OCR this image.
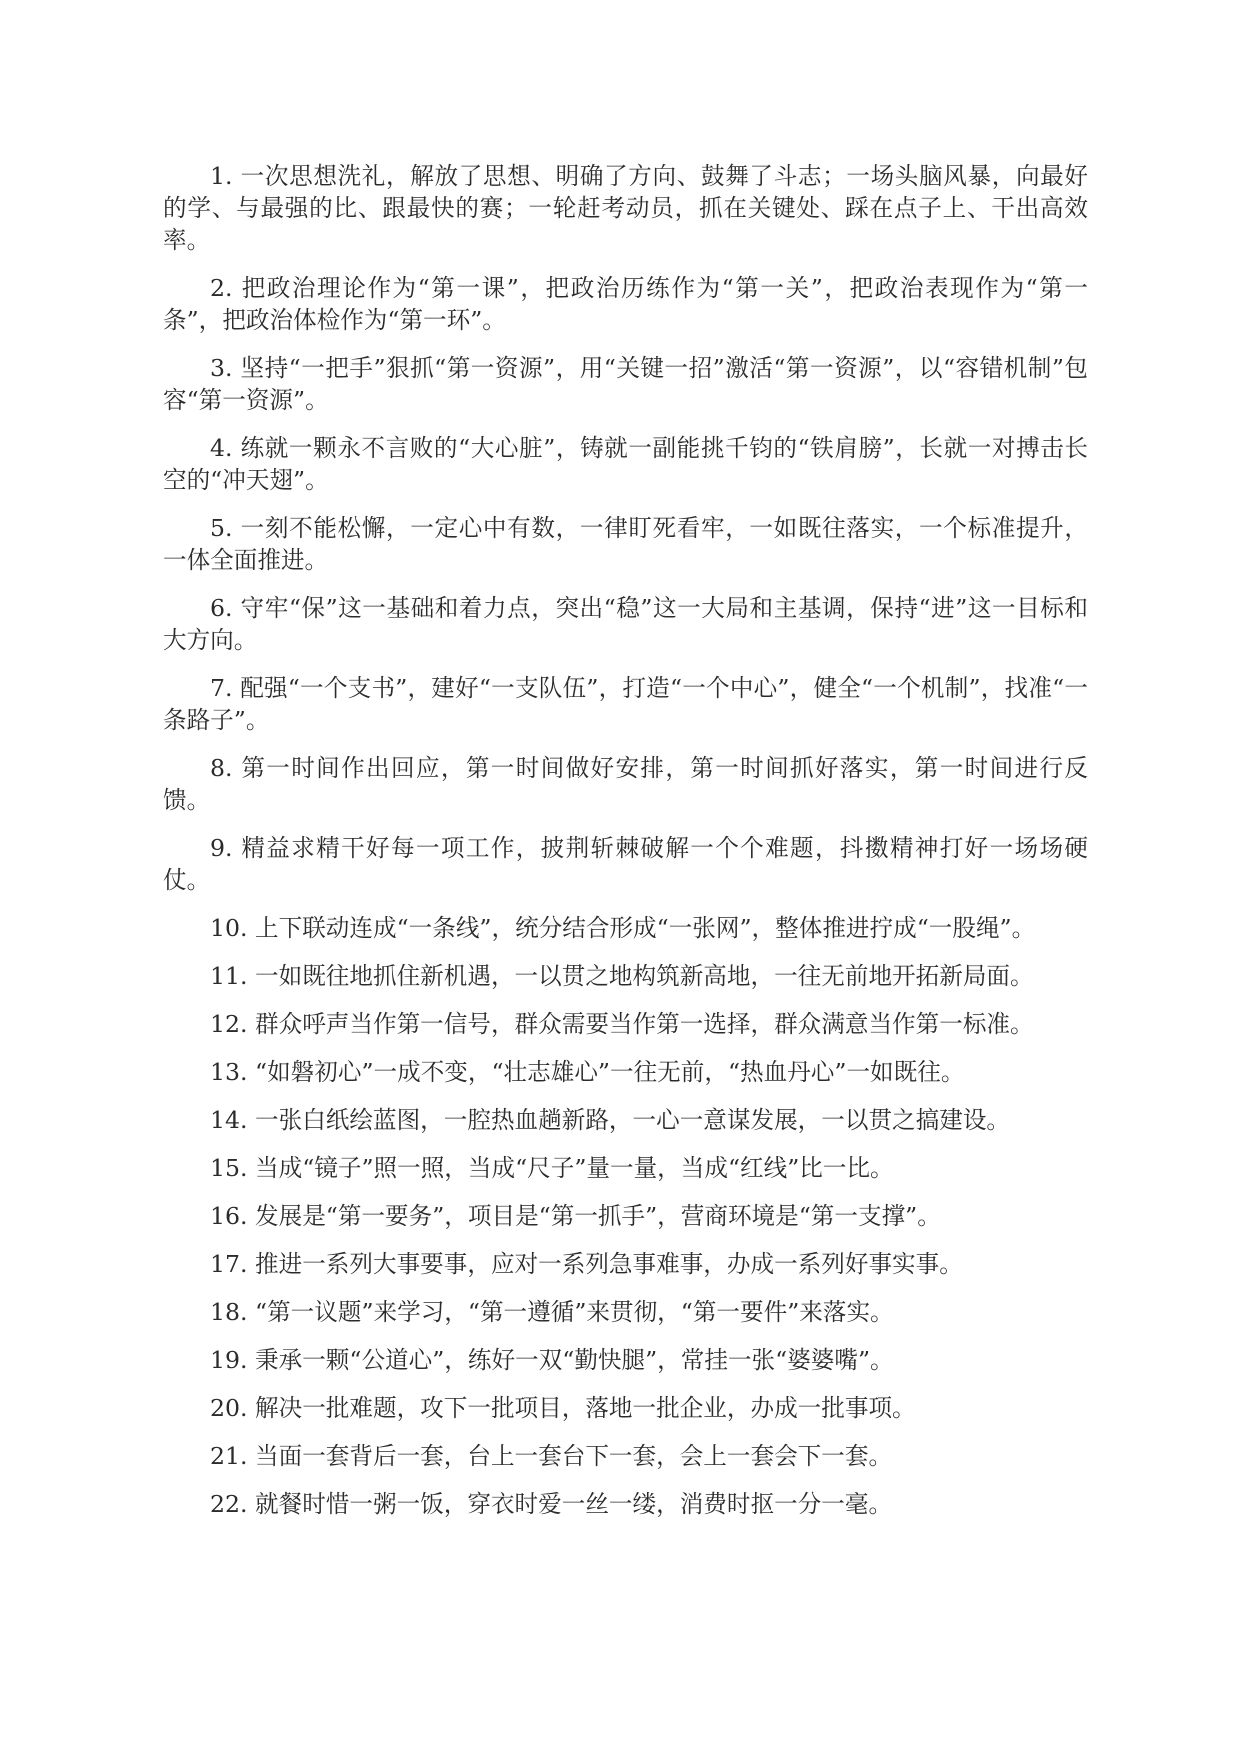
1. 一次思想洗礼，解放了思想、明确了方向、鼓舞了斗志；一场头脑风暴，向最好的学、与最强的比、跟最快的赛；一轮赶考动员，抓在关键处、踩在点子上、干出高效率。

2. 把政治理论作为“第一课”，把政治历练作为“第一关”，把政治表现作为“第一条”，把政治体检作为“第一环”。

3. 坚持“一把手”狠抓“第一资源”，用“关键一招”激活“第一资源”，以“容错机制”包容“第一资源”。

4. 练就一颗永不言败的“大心脏”，铸就一副能挑千钧的“铁肩膀”，长就一对搏击长空的“冲天翅”。

5. 一刻不能松懈，一定心中有数，一律盯死看牢，一如既往落实，一个标准提升，一体全面推进。

6. 守牢“保”这一基础和着力点，突出“稳”这一大局和主基调，保持“进”这一目标和大方向。

7. 配强“一个支书”，建好“一支队伍”，打造“一个中心”，健全“一个机制”，找准“一条路子”。

8. 第一时间作出回应，第一时间做好安排，第一时间抓好落实，第一时间进行反馈。

9. 精益求精干好每一项工作，披荆斩棘破解一个个难题，抖擞精神打好一场场硬仗。

10. 上下联动连成“一条线”，统分结合形成“一张网”，整体推进拧成“一股绳”。

11. 一如既往地抓住新机遇，一以贯之地构筑新高地，一往无前地开拓新局面。

12. 群众呼声当作第一信号，群众需要当作第一选择，群众满意当作第一标准。

13. “如磐初心”一成不变，“壮志雄心”一往无前，“热血丹心”一如既往。

14. 一张白纸绘蓝图，一腔热血趟新路，一心一意谋发展，一以贯之搞建设。

15. 当成“镜子”照一照，当成“尺子”量一量，当成“红线”比一比。

16. 发展是“第一要务”，项目是“第一抓手”，营商环境是“第一支撑”。

17. 推进一系列大事要事，应对一系列急事难事，办成一系列好事实事。

18. “第一议题”来学习，“第一遵循”来贯彻，“第一要件”来落实。

19. 秉承一颗“公道心”，练好一双“勤快腿”，常挂一张“婆婆嘴”。

20. 解决一批难题，攻下一批项目，落地一批企业，办成一批事项。

21. 当面一套背后一套，台上一套台下一套，会上一套会下一套。

22. 就餐时惜一粥一饭，穿衣时爱一丝一缕，消费时抠一分一毫。
